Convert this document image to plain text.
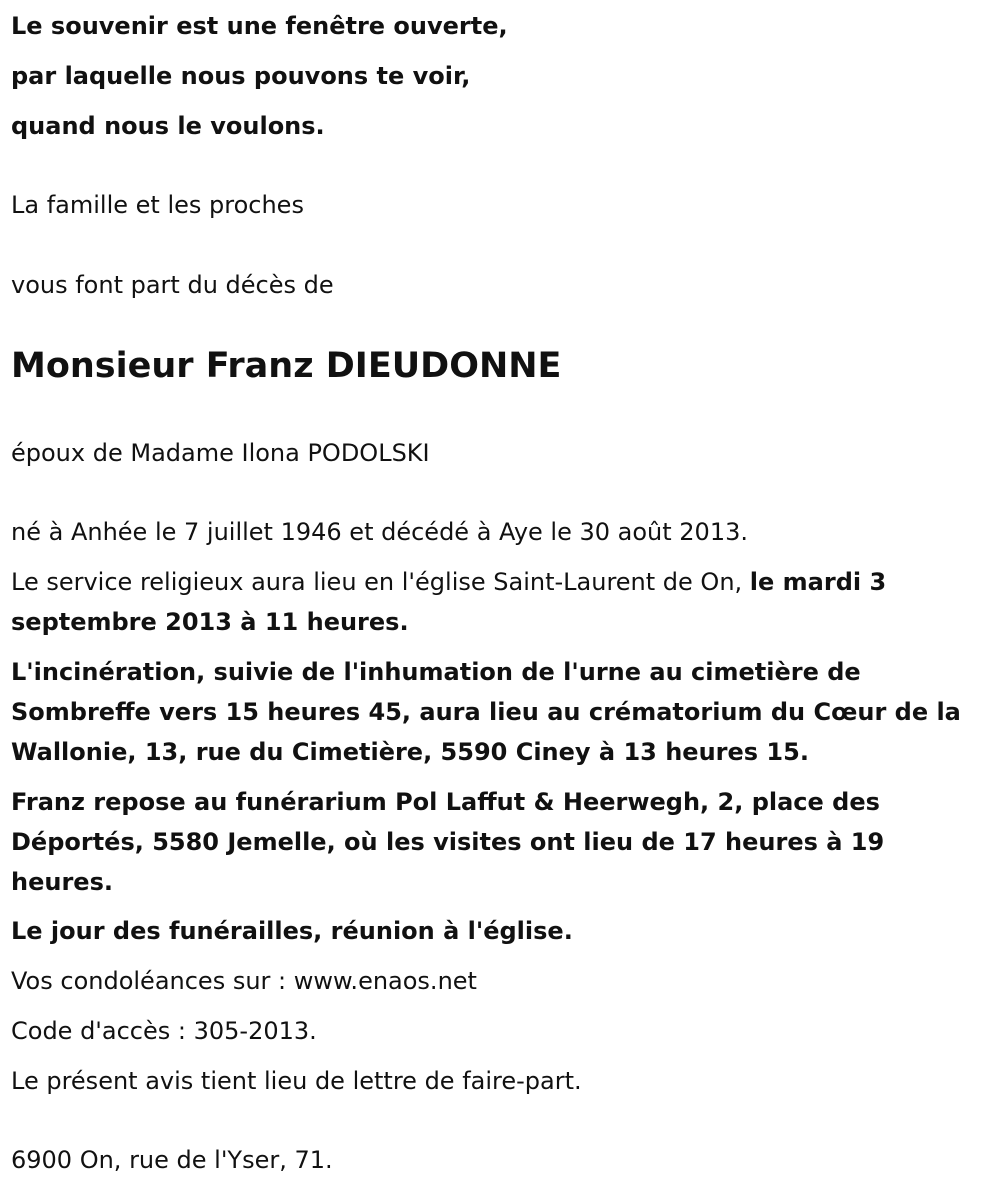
Le souvenir est une fenêtre ouverte,

par laquelle nous pouvons te voir,

quand nous le voulons.

La famille et les proches

vous font part du décès de

Monsieur Franz DIEUDONNE

époux de Madame Ilona PODOLSKI

né à Anhée le 7 juillet 1946 et décédé à Aye le 30 août 2013.

Le service religieux aura lieu en l'église Saint-Laurent de On, le mardi 3 septembre 2013 à 11 heures.

L'incinération, suivie de l'inhumation de l'urne au cimetière de Sombreffe vers 15 heures 45, aura lieu au crématorium du Cœur de la Wallonie, 13, rue du Cimetière, 5590 Ciney à 13 heures 15.

Franz repose au funérarium Pol Laffut & Heerwegh, 2, place des Déportés, 5580 Jemelle, où les visites ont lieu de 17 heures à 19 heures.

Le jour des funérailles, réunion à l'église.

Vos condoléances sur : www.enaos.net

Code d'accès : 305-2013.

Le présent avis tient lieu de lettre de faire-part.

6900 On, rue de l'Yser, 71.
